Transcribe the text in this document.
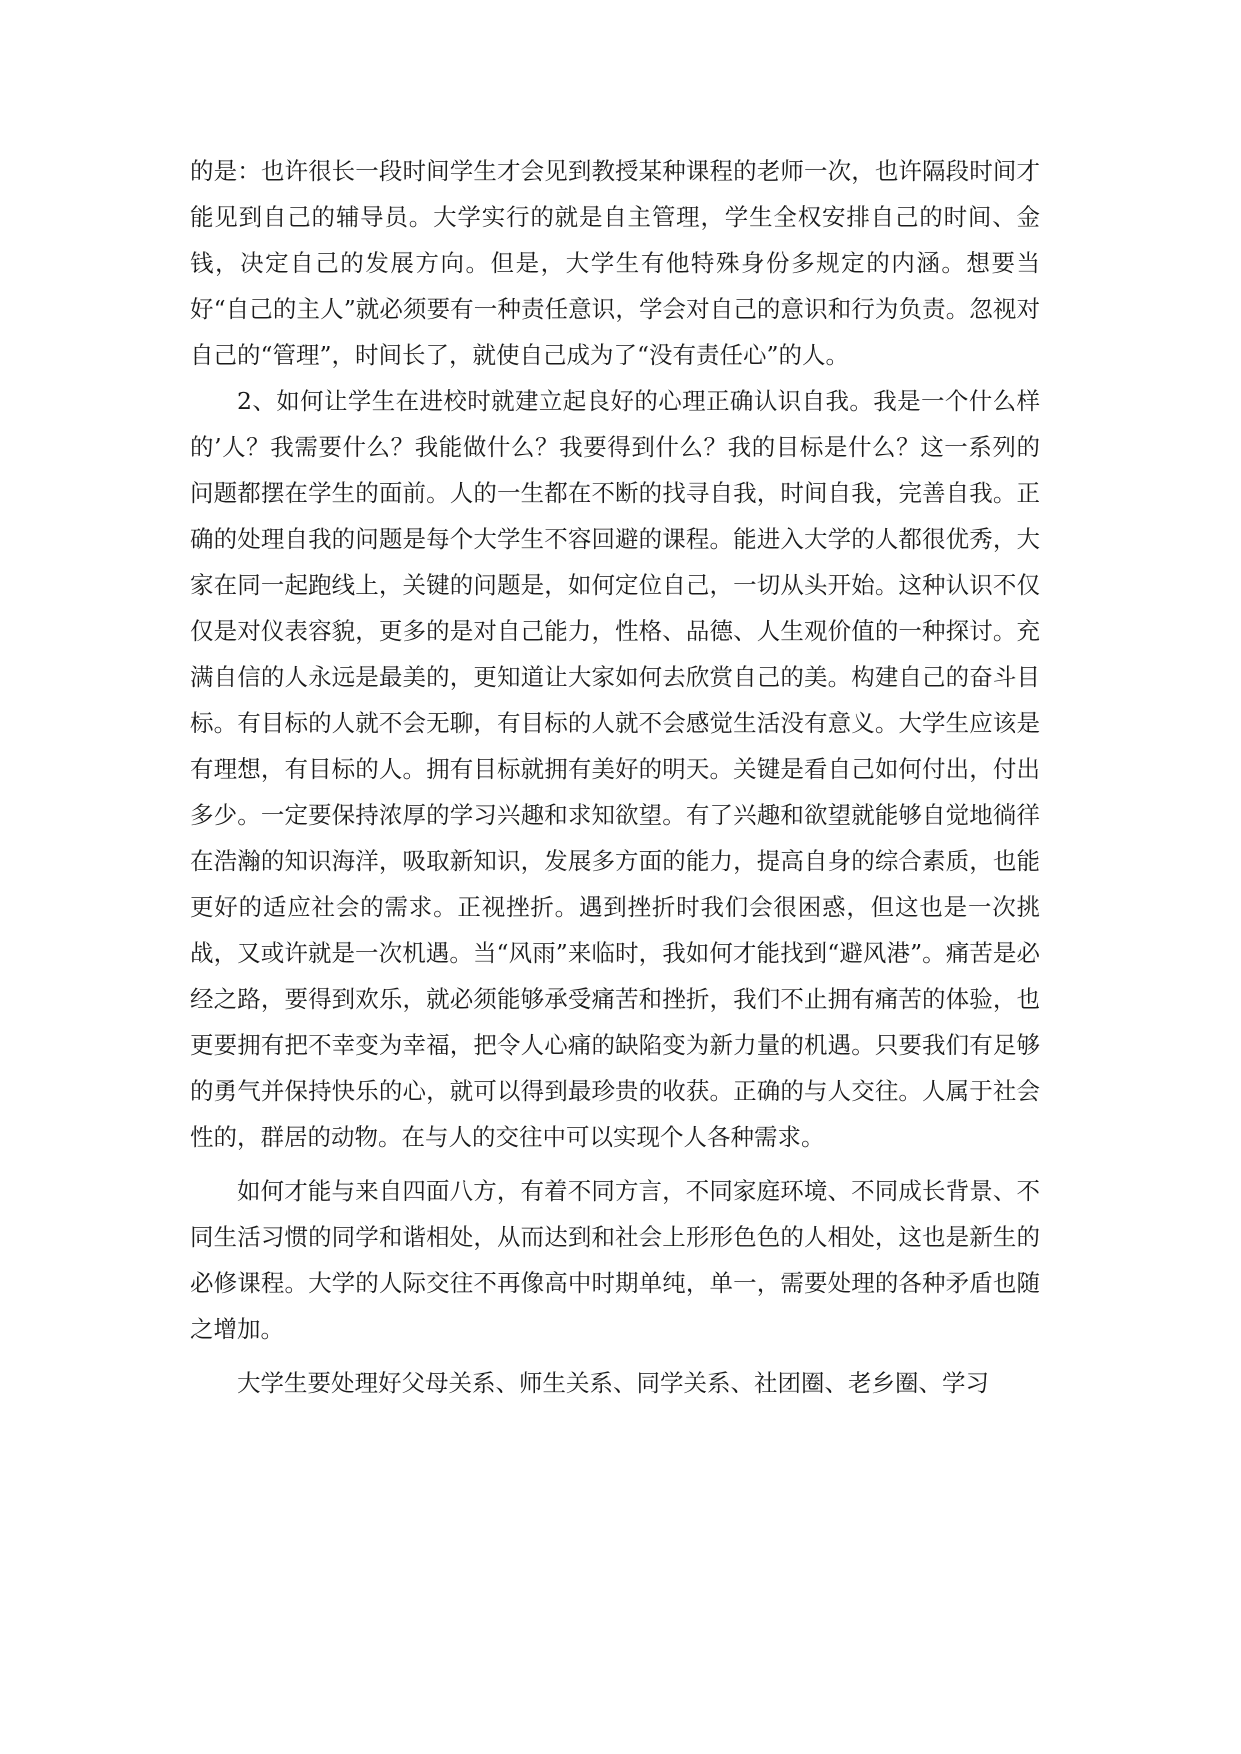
的是：也许很长一段时间学生才会见到教授某种课程的老师一次，也许隔段时间才能见到自己的辅导员。大学实行的就是自主管理，学生全权安排自己的时间、金钱，决定自己的发展方向。但是，大学生有他特殊身份多规定的内涵。想要当好“自己的主人”就必须要有一种责任意识，学会对自己的意识和行为负责。忽视对自己的“管理”，时间长了，就使自己成为了“没有责任心”的人。

2、如何让学生在进校时就建立起良好的心理正确认识自我。我是一个什么样的’人？我需要什么？我能做什么？我要得到什么？我的目标是什么？这一系列的问题都摆在学生的面前。人的一生都在不断的找寻自我，时间自我，完善自我。正确的处理自我的问题是每个大学生不容回避的课程。能进入大学的人都很优秀，大家在同一起跑线上，关键的问题是，如何定位自己，一切从头开始。这种认识不仅仅是对仪表容貌，更多的是对自己能力，性格、品德、人生观价值的一种探讨。充满自信的人永远是最美的，更知道让大家如何去欣赏自己的美。构建自己的奋斗目标。有目标的人就不会无聊，有目标的人就不会感觉生活没有意义。大学生应该是有理想，有目标的人。拥有目标就拥有美好的明天。关键是看自己如何付出，付出多少。一定要保持浓厚的学习兴趣和求知欲望。有了兴趣和欲望就能够自觉地徜徉在浩瀚的知识海洋，吸取新知识，发展多方面的能力，提高自身的综合素质，也能更好的适应社会的需求。正视挫折。遇到挫折时我们会很困惑，但这也是一次挑战，又或许就是一次机遇。当“风雨”来临时，我如何才能找到“避风港”。痛苦是必经之路，要得到欢乐，就必须能够承受痛苦和挫折，我们不止拥有痛苦的体验，也更要拥有把不幸变为幸福，把令人心痛的缺陷变为新力量的机遇。只要我们有足够的勇气并保持快乐的心，就可以得到最珍贵的收获。正确的与人交往。人属于社会性的，群居的动物。在与人的交往中可以实现个人各种需求。

如何才能与来自四面八方，有着不同方言，不同家庭环境、不同成长背景、不同生活习惯的同学和谐相处，从而达到和社会上形形色色的人相处，这也是新生的必修课程。大学的人际交往不再像高中时期单纯，单一，需要处理的各种矛盾也随之增加。

大学生要处理好父母关系、师生关系、同学关系、社团圈、老乡圈、学习
